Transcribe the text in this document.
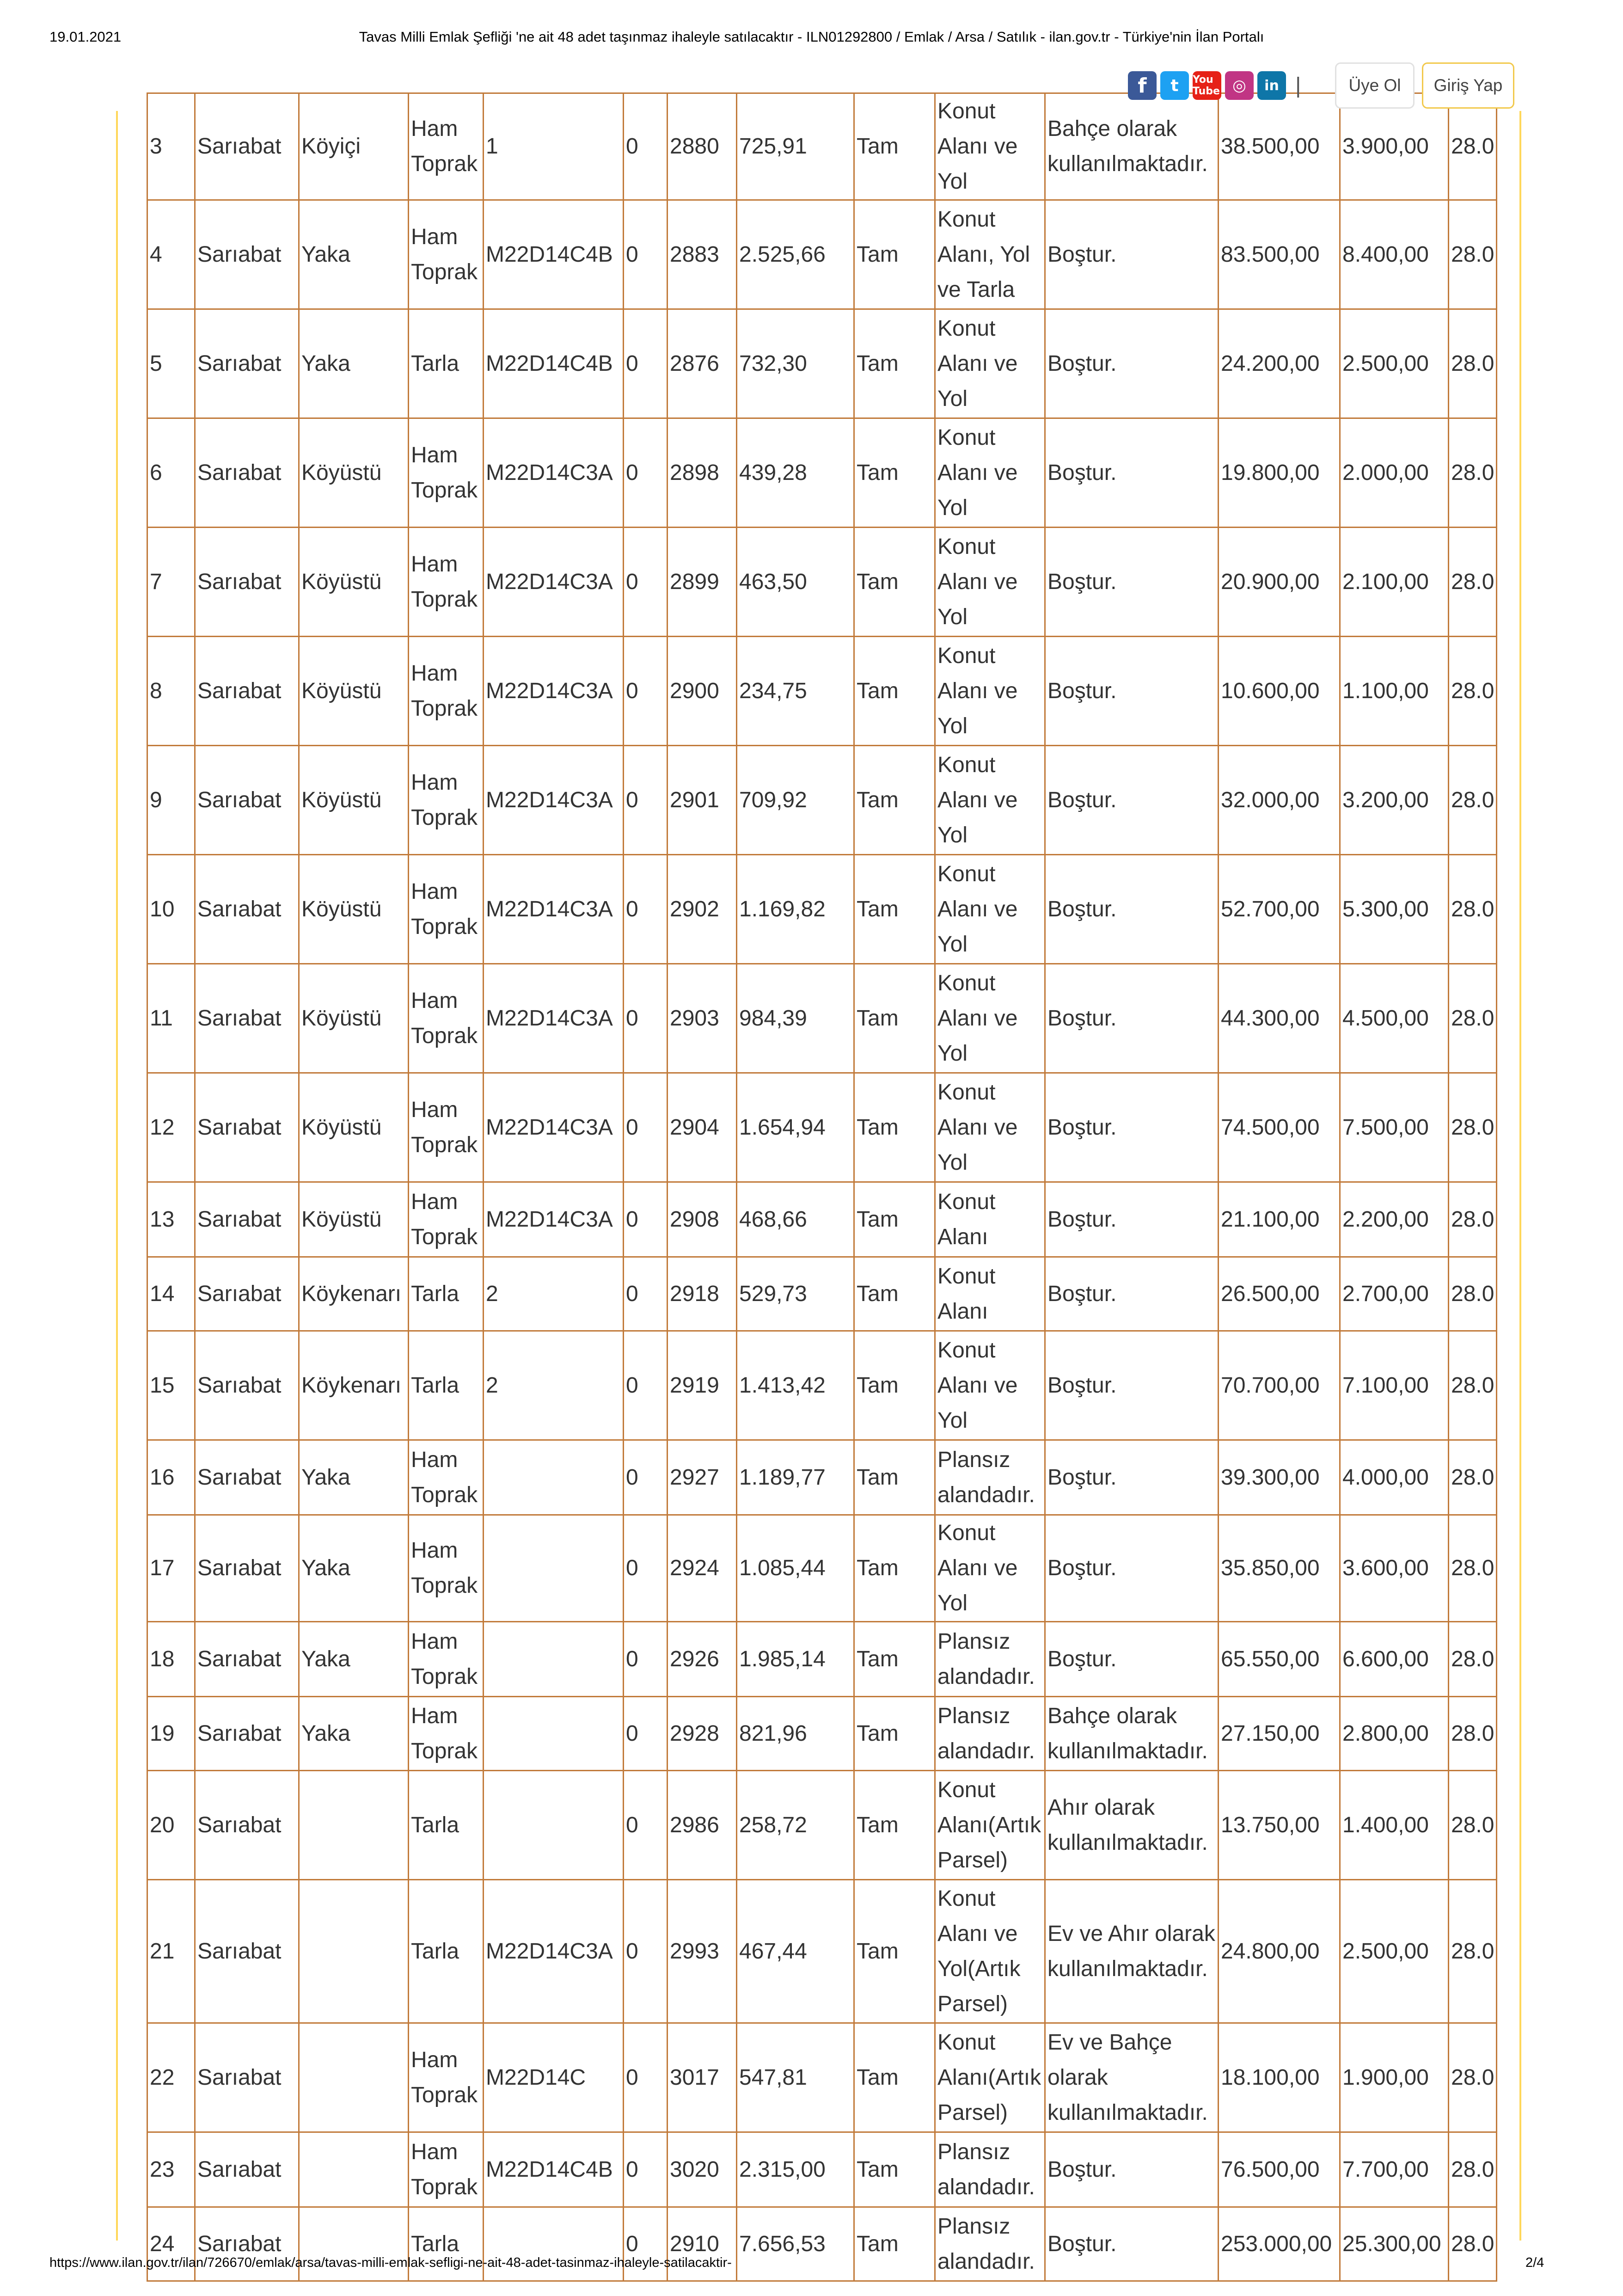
19.01.2021	Tavas Milli Emlak Şefliği 'ne ait 48 adet taşınmaz ihaleyle satılacaktır - ILN01292800 / Emlak / Arsa / Satılık - ilan.gov.tr - Türkiye'nin İlan Portalı
3	Sarıabat	Köyiçi	Ham Toprak	1	0	2880	725,91	Tam	Konut Alanı ve Yol	Bahçe olarak kullanılmaktadır.	38.500,00	3.900,00	28.0
4	Sarıabat	Yaka	Ham Toprak	M22D14C4B	0	2883	2.525,66	Tam	Konut Alanı, Yol ve Tarla	Boştur.	83.500,00	8.400,00	28.0
5	Sarıabat	Yaka	Tarla	M22D14C4B	0	2876	732,30	Tam	Konut Alanı ve Yol	Boştur.	24.200,00	2.500,00	28.0
6	Sarıabat	Köyüstü	Ham Toprak	M22D14C3A	0	2898	439,28	Tam	Konut Alanı ve Yol	Boştur.	19.800,00	2.000,00	28.0
7	Sarıabat	Köyüstü	Ham Toprak	M22D14C3A	0	2899	463,50	Tam	Konut Alanı ve Yol	Boştur.	20.900,00	2.100,00	28.0
8	Sarıabat	Köyüstü	Ham Toprak	M22D14C3A	0	2900	234,75	Tam	Konut Alanı ve Yol	Boştur.	10.600,00	1.100,00	28.0
9	Sarıabat	Köyüstü	Ham Toprak	M22D14C3A	0	2901	709,92	Tam	Konut Alanı ve Yol	Boştur.	32.000,00	3.200,00	28.0
10	Sarıabat	Köyüstü	Ham Toprak	M22D14C3A	0	2902	1.169,82	Tam	Konut Alanı ve Yol	Boştur.	52.700,00	5.300,00	28.0
11	Sarıabat	Köyüstü	Ham Toprak	M22D14C3A	0	2903	984,39	Tam	Konut Alanı ve Yol	Boştur.	44.300,00	4.500,00	28.0
12	Sarıabat	Köyüstü	Ham Toprak	M22D14C3A	0	2904	1.654,94	Tam	Konut Alanı ve Yol	Boştur.	74.500,00	7.500,00	28.0
13	Sarıabat	Köyüstü	Ham Toprak	M22D14C3A	0	2908	468,66	Tam	Konut Alanı	Boştur.	21.100,00	2.200,00	28.0
14	Sarıabat	Köykenarı	Tarla	2	0	2918	529,73	Tam	Konut Alanı	Boştur.	26.500,00	2.700,00	28.0
15	Sarıabat	Köykenarı	Tarla	2	0	2919	1.413,42	Tam	Konut Alanı ve Yol	Boştur.	70.700,00	7.100,00	28.0
16	Sarıabat	Yaka	Ham Toprak		0	2927	1.189,77	Tam	Plansız alandadır.	Boştur.	39.300,00	4.000,00	28.0
17	Sarıabat	Yaka	Ham Toprak		0	2924	1.085,44	Tam	Konut Alanı ve Yol	Boştur.	35.850,00	3.600,00	28.0
18	Sarıabat	Yaka	Ham Toprak		0	2926	1.985,14	Tam	Plansız alandadır.	Boştur.	65.550,00	6.600,00	28.0
19	Sarıabat	Yaka	Ham Toprak		0	2928	821,96	Tam	Plansız alandadır.	Bahçe olarak kullanılmaktadır.	27.150,00	2.800,00	28.0
20	Sarıabat		Tarla		0	2986	258,72	Tam	Konut Alanı(Artık Parsel)	Ahır olarak kullanılmaktadır.	13.750,00	1.400,00	28.0
21	Sarıabat		Tarla	M22D14C3A	0	2993	467,44	Tam	Konut Alanı ve Yol(Artık Parsel)	Ev ve Ahır olarak kullanılmaktadır.	24.800,00	2.500,00	28.0
22	Sarıabat		Ham Toprak	M22D14C	0	3017	547,81	Tam	Konut Alanı(Artık Parsel)	Ev ve Bahçe olarak kullanılmaktadır.	18.100,00	1.900,00	28.0
23	Sarıabat		Ham Toprak	M22D14C4B	0	3020	2.315,00	Tam	Plansız alandadır.	Boştur.	76.500,00	7.700,00	28.0
24	Sarıabat		Tarla		0	2910	7.656,53	Tam	Plansız alandadır.	Boştur.	253.000,00	25.300,00	28.0
f	t	You Tube ◎	in |	Üye Ol	Giriş Yap
https://www.ilan.gov.tr/ilan/726670/emlak/arsa/tavas-milli-emlak-sefligi-ne-ait-48-adet-tasinmaz-ihaleyle-satilacaktir-	2/4
